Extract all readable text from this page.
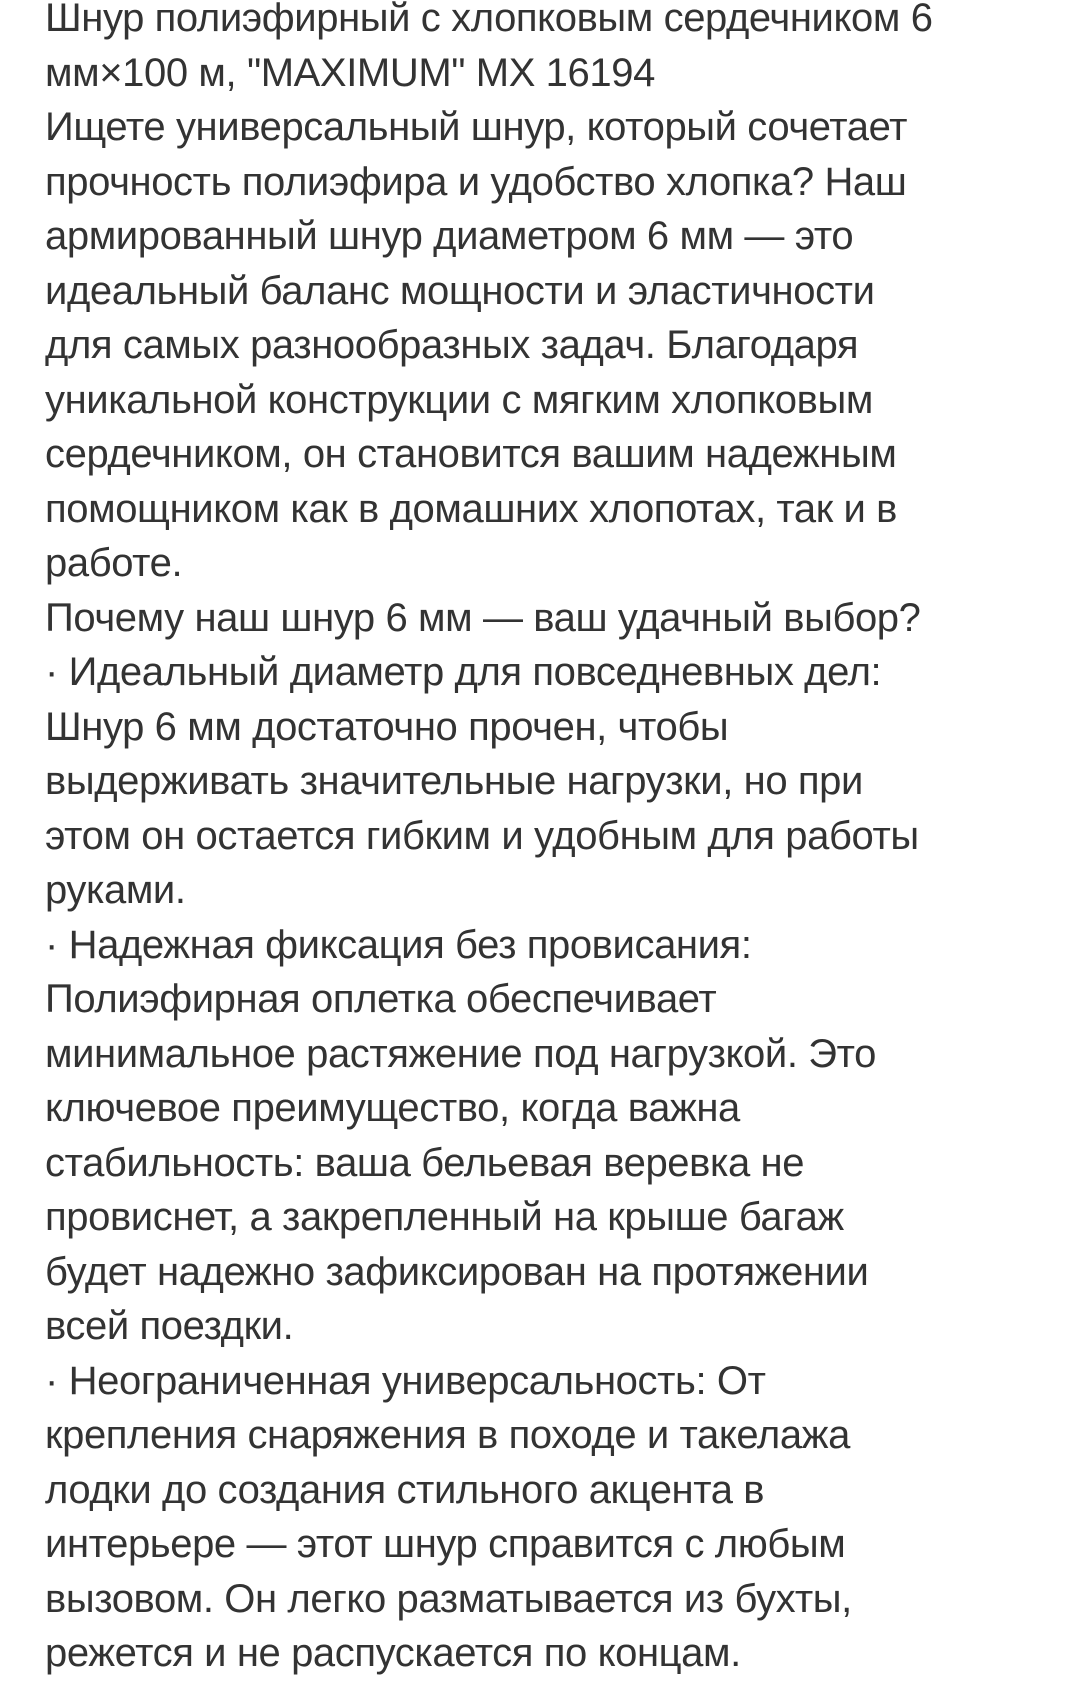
Шнур полиэфирный с хлопковым сердечником 6
мм×100 м, "MAXIMUM" MX 16194

Ищете универсальный шнур, который сочетает
прочность полиэфира и удобство хлопка? Наш
армированный шнур диаметром 6 мм — это
идеальный баланс мощности и эластичности
для самых разнообразных задач. Благодаря
уникальной конструкции с мягким хлопковым
сердечником, он становится вашим надежным
помощником как в домашних хлопотах, так и в
работе.

Почему наш шнур 6 мм — ваш удачный выбор?

· Идеальный диаметр для повседневных дел:
Шнур 6 мм достаточно прочен, чтобы
выдерживать значительные нагрузки, но при
этом он остается гибким и удобным для работы
руками.

· Надежная фиксация без провисания:
Полиэфирная оплетка обеспечивает
минимальное растяжение под нагрузкой. Это
ключевое преимущество, когда важна
стабильность: ваша бельевая веревка не
провиснет, а закрепленный на крыше багаж
будет надежно зафиксирован на протяжении
всей поездки.

· Неограниченная универсальность: От
крепления снаряжения в походе и такелажа
лодки до создания стильного акцента в
интерьере — этот шнур справится с любым
вызовом. Он легко разматывается из бухты,
режется и не распускается по концам.
